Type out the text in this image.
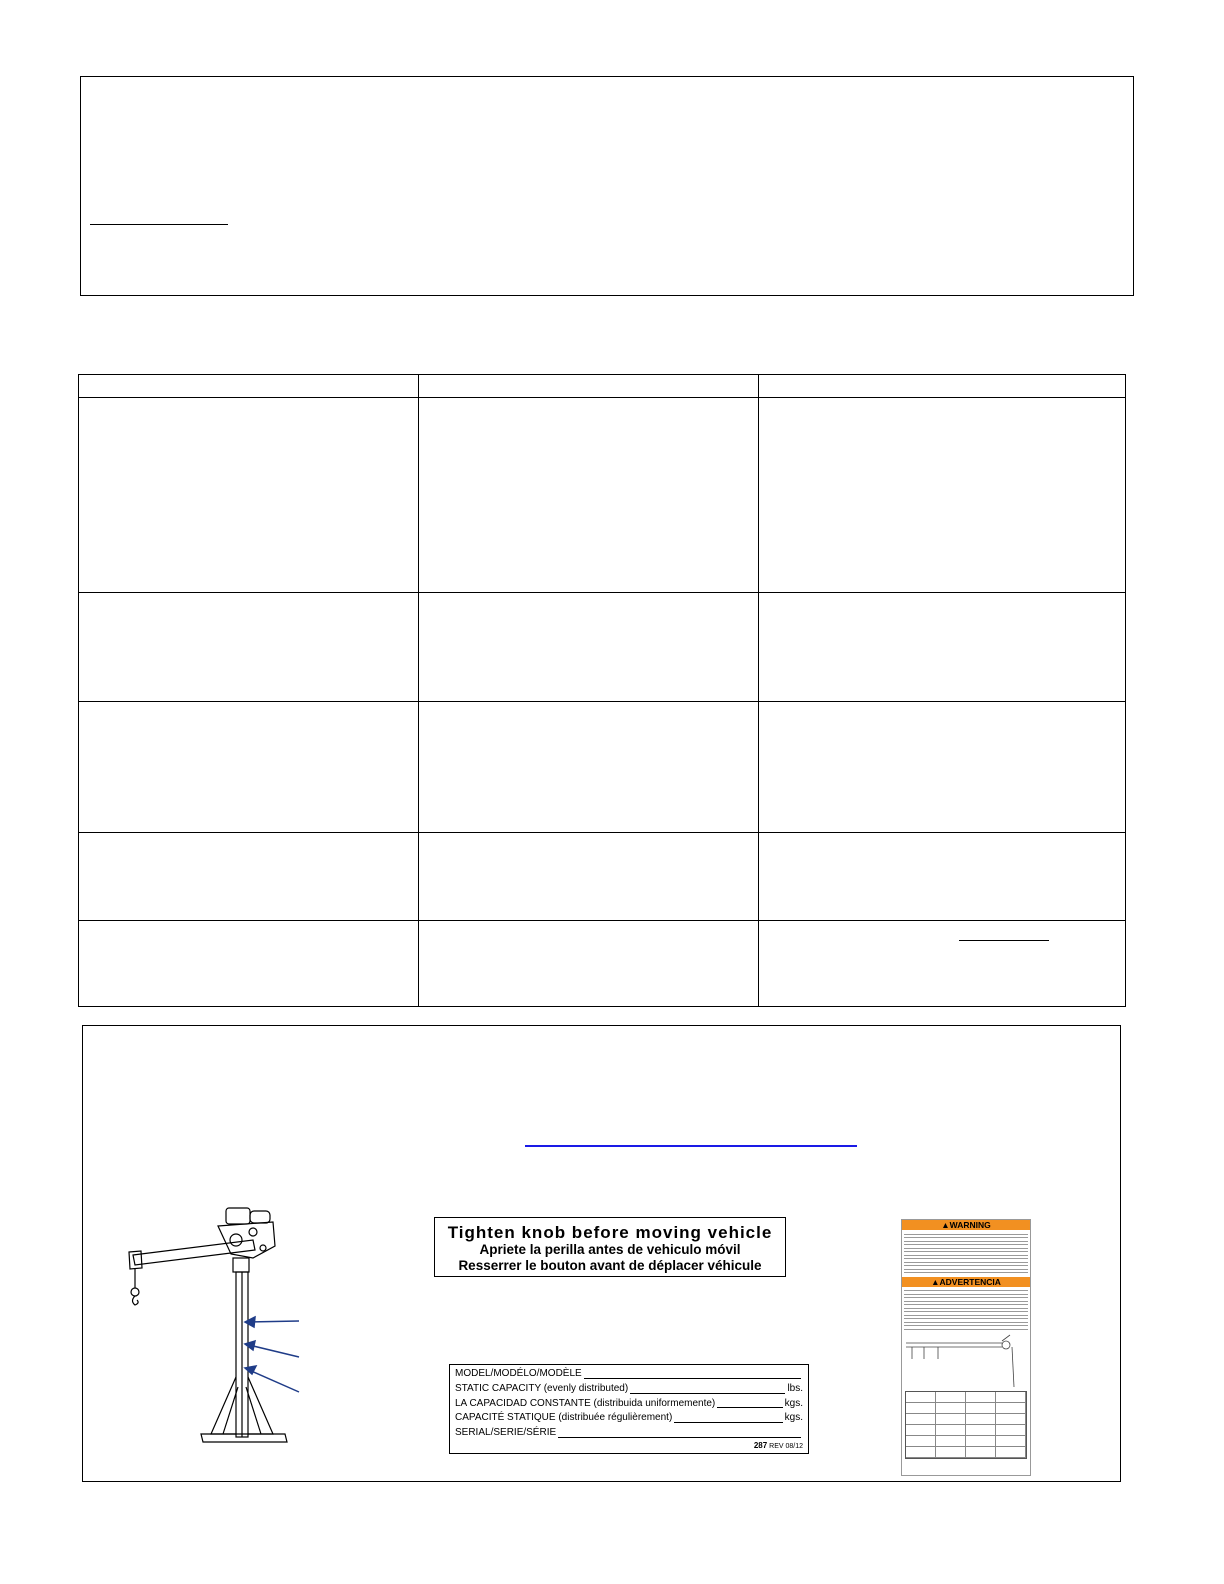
Tighten knob before moving vehicle
Apriete la perilla antes de vehiculo móvil
Resserrer le bouton avant de déplacer véhicule
MODEL/MODÉLO/MODÈLE
STATIC CAPACITY (evenly distributed)	lbs.
LA CAPACIDAD CONSTANTE (distribuida uniformemente)	kgs.
CAPACITÉ STATIQUE (distribuée régulièrement)	kgs.
SERIAL/SERIE/SÉRIE
287 REV 08/12
▲WARNING
▲ADVERTENCIA
